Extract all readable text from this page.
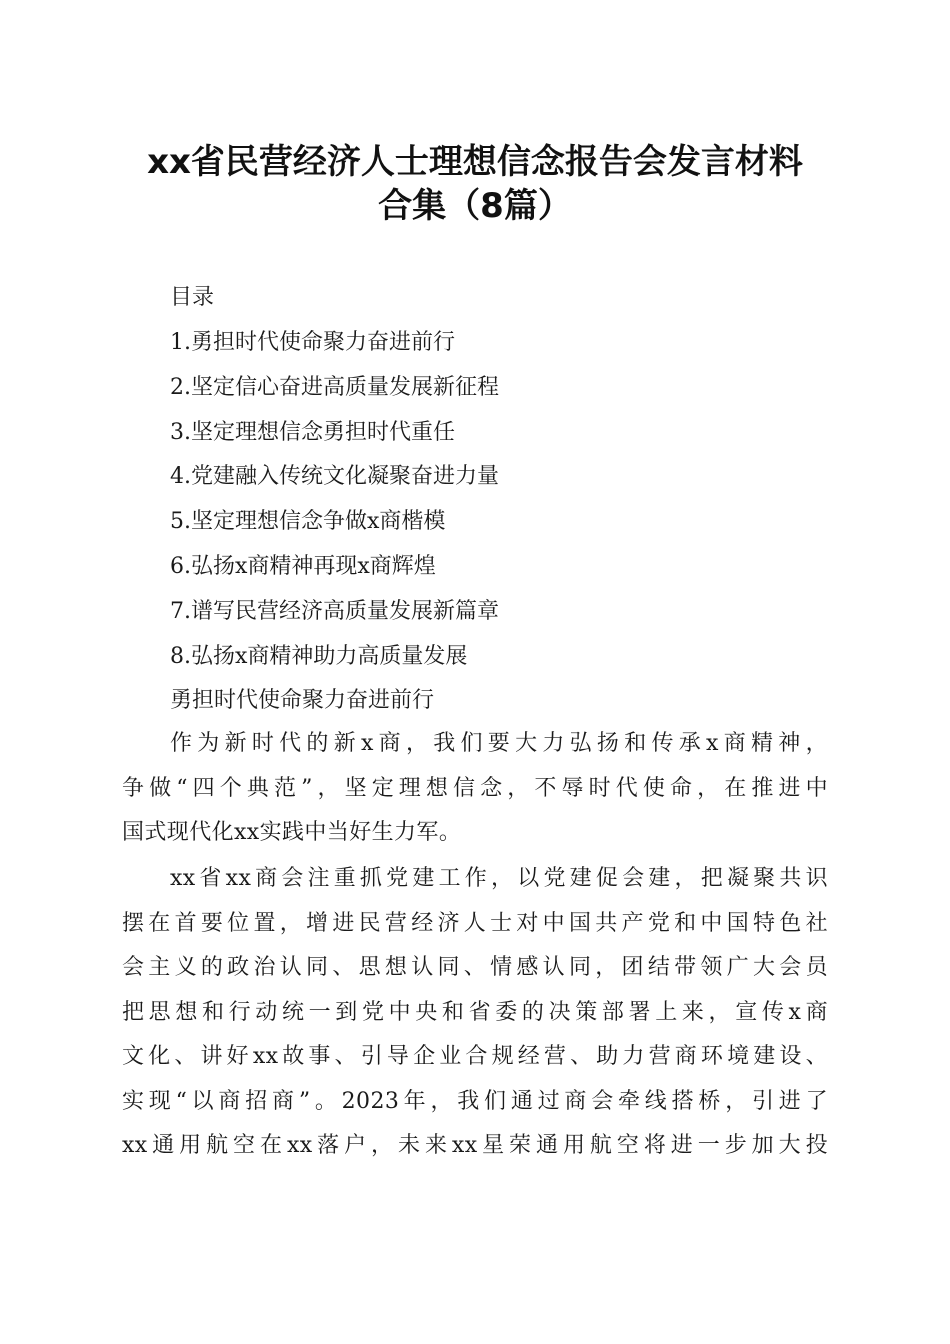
xx省民营经济人士理想信念报告会发言材料
合集（8篇）

目录

1.勇担时代使命聚力奋进前行
2.坚定信心奋进高质量发展新征程
3.坚定理想信念勇担时代重任
4.党建融入传统文化凝聚奋进力量
5.坚定理想信念争做x商楷模
6.弘扬x商精神再现x商辉煌
7.谱写民营经济高质量发展新篇章
8.弘扬x商精神助力高质量发展
勇担时代使命聚力奋进前行
作为新时代的新x商，我们要大力弘扬和传承x商精神，
争做“四个典范”，坚定理想信念，不辱时代使命，在推进中
国式现代化xx实践中当好生力军。
xx省xx商会注重抓党建工作，以党建促会建，把凝聚共识
摆在首要位置，增进民营经济人士对中国共产党和中国特色社
会主义的政治认同、思想认同、情感认同，团结带领广大会员
把思想和行动统一到党中央和省委的决策部署上来，宣传x商
文化、讲好xx故事、引导企业合规经营、助力营商环境建设、
实现“以商招商”。2023年，我们通过商会牵线搭桥，引进了
xx通用航空在xx落户，未来xx星荣通用航空将进一步加大投
